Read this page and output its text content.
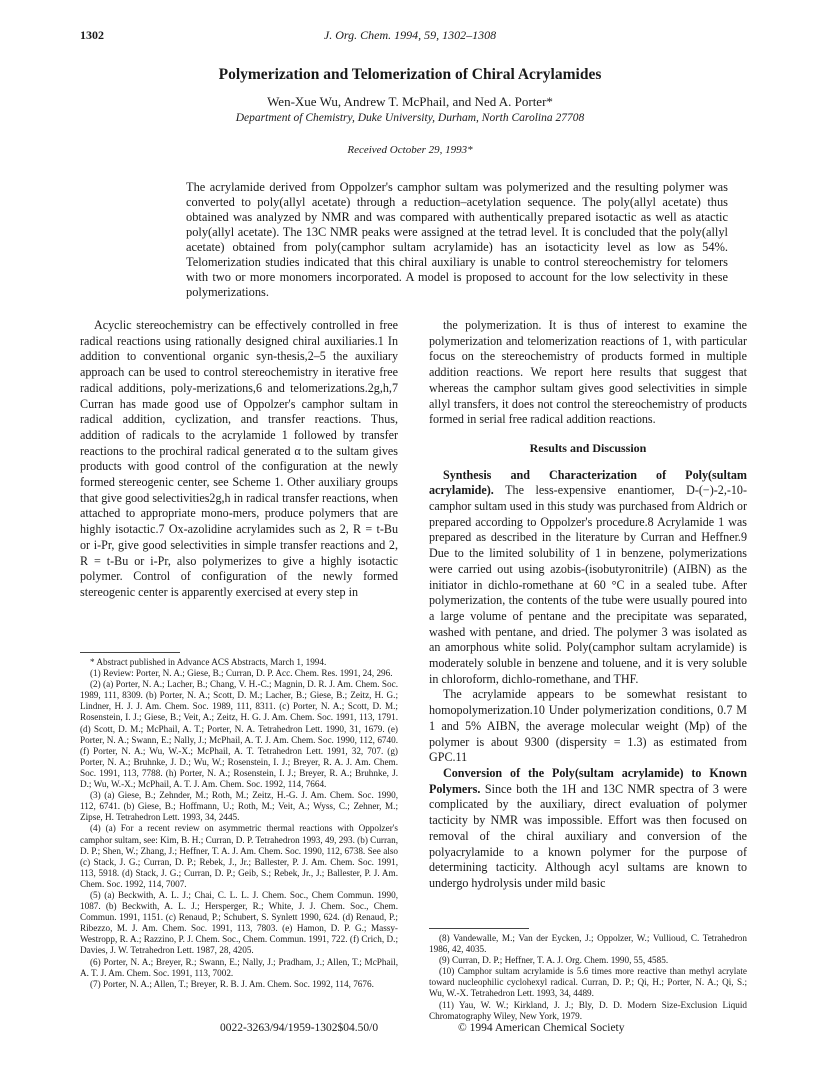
J. Org. Chem. 1994, 59, 1302–1308
1302
Polymerization and Telomerization of Chiral Acrylamides
Wen-Xue Wu, Andrew T. McPhail, and Ned A. Porter*
Department of Chemistry, Duke University, Durham, North Carolina 27708
Received October 29, 1993*
The acrylamide derived from Oppolzer's camphor sultam was polymerized and the resulting polymer was converted to poly(allyl acetate) through a reduction–acetylation sequence. The poly(allyl acetate) thus obtained was analyzed by NMR and was compared with authentically prepared isotactic as well as atactic poly(allyl acetate). The 13C NMR peaks were assigned at the tetrad level. It is concluded that the poly(allyl acetate) obtained from poly(camphor sultam acrylamide) has an isotacticity level as low as 54%. Telomerization studies indicated that this chiral auxiliary is unable to control stereochemistry for telomers with two or more monomers incorporated. A model is proposed to account for the low selectivity in these polymerizations.

Acyclic stereochemistry can be effectively controlled in free radical reactions using rationally designed chiral auxiliaries.1 In addition to conventional organic syn-thesis,2–5 the auxiliary approach can be used to control stereochemistry in iterative free radical additions, poly-merizations,6 and telomerizations.2g,h,7 Curran has made good use of Oppolzer's camphor sultam in radical addition, cyclization, and transfer reactions. Thus, addition of radicals to the acrylamide 1 followed by transfer reactions to the prochiral radical generated α to the sultam gives products with good control of the configuration at the newly formed stereogenic center, see Scheme 1. Other auxiliary groups that give good selectivities2g,h in radical transfer reactions, when attached to appropriate mono-mers, produce polymers that are highly isotactic.7 Ox-azolidine acrylamides such as 2, R = t-Bu or i-Pr, give good selectivities in simple transfer reactions and 2, R = t-Bu or i-Pr, also polymerizes to give a highly isotactic polymer. Control of configuration of the newly formed stereogenic center is apparently exercised at every step in

* Abstract published in Advance ACS Abstracts, March 1, 1994.

(1) Review: Porter, N. A.; Giese, B.; Curran, D. P. Acc. Chem. Res. 1991, 24, 296.

(2) (a) Porter, N. A.; Lacher, B.; Chang, V. H.-C.; Magnin, D. R. J. Am. Chem. Soc. 1989, 111, 8309. (b) Porter, N. A.; Scott, D. M.; Lacher, B.; Giese, B.; Zeitz, H. G.; Lindner, H. J. J. Am. Chem. Soc. 1989, 111, 8311. (c) Porter, N. A.; Scott, D. M.; Rosenstein, I. J.; Giese, B.; Veit, A.; Zeitz, H. G. J. Am. Chem. Soc. 1991, 113, 1791. (d) Scott, D. M.; McPhail, A. T.; Porter, N. A. Tetrahedron Lett. 1990, 31, 1679. (e) Porter, N. A.; Swann, E.; Nally, J.; McPhail, A. T. J. Am. Chem. Soc. 1990, 112, 6740. (f) Porter, N. A.; Wu, W.-X.; McPhail, A. T. Tetrahedron Lett. 1991, 32, 707. (g) Porter, N. A.; Bruhnke, J. D.; Wu, W.; Rosenstein, I. J.; Breyer, R. A. J. Am. Chem. Soc. 1991, 113, 7788. (h) Porter, N. A.; Rosenstein, I. J.; Breyer, R. A.; Bruhnke, J. D.; Wu, W.-X.; McPhail, A. T. J. Am. Chem. Soc. 1992, 114, 7664.

(3) (a) Giese, B.; Zehnder, M.; Roth, M.; Zeitz, H.-G. J. Am. Chem. Soc. 1990, 112, 6741. (b) Giese, B.; Hoffmann, U.; Roth, M.; Veit, A.; Wyss, C.; Zehner, M.; Zipse, H. Tetrahedron Lett. 1993, 34, 2445.

(4) (a) For a recent review on asymmetric thermal reactions with Oppolzer's camphor sultam, see: Kim, B. H.; Curran, D. P. Tetrahedron 1993, 49, 293. (b) Curran, D. P.; Shen, W.; Zhang, J.; Heffner, T. A. J. Am. Chem. Soc. 1990, 112, 6738. See also (c) Stack, J. G.; Curran, D. P.; Rebek, J., Jr.; Ballester, P. J. Am. Chem. Soc. 1991, 113, 5918. (d) Stack, J. G.; Curran, D. P.; Geib, S.; Rebek, Jr., J.; Ballester, P. J. Am. Chem. Soc. 1992, 114, 7007.

(5) (a) Beckwith, A. L. J.; Chai, C. L. L. J. Chem. Soc., Chem Commun. 1990, 1087. (b) Beckwith, A. L. J.; Hersperger, R.; White, J. J. Chem. Soc., Chem. Commun. 1991, 1151. (c) Renaud, P.; Schubert, S. Synlett 1990, 624. (d) Renaud, P.; Ribezzo, M. J. Am. Chem. Soc. 1991, 113, 7803. (e) Hamon, D. P. G.; Massy-Westropp, R. A.; Razzino, P. J. Chem. Soc., Chem. Commun. 1991, 722. (f) Crich, D.; Davies, J. W. Tetrahedron Lett. 1987, 28, 4205.

(6) Porter, N. A.; Breyer, R.; Swann, E.; Nally, J.; Pradham, J.; Allen, T.; McPhail, A. T. J. Am. Chem. Soc. 1991, 113, 7002.

(7) Porter, N. A.; Allen, T.; Breyer, R. B. J. Am. Chem. Soc. 1992, 114, 7676.

the polymerization. It is thus of interest to examine the polymerization and telomerization reactions of 1, with particular focus on the stereochemistry of products formed in multiple addition reactions. We report here results that suggest that whereas the camphor sultam gives good selectivities in simple allyl transfers, it does not control the stereochemistry of products formed in serial free radical addition reactions.

Results and Discussion

Synthesis and Characterization of Poly(sultam acrylamide). The less-expensive enantiomer, D-(−)-2,-10-camphor sultam used in this study was purchased from Aldrich or prepared according to Oppolzer's procedure.8 Acrylamide 1 was prepared as described in the literature by Curran and Heffner.9 Due to the limited solubility of 1 in benzene, polymerizations were carried out using azobis-(isobutyronitrile) (AIBN) as the initiator in dichlo-romethane at 60 °C in a sealed tube. After polymerization, the contents of the tube were usually poured into a large volume of pentane and the precipitate was separated, washed with pentane, and dried. The polymer 3 was isolated as an amorphous white solid. Poly(camphor sultam acrylamide) is moderately soluble in benzene and toluene, and it is very soluble in chloroform, dichlo-romethane, and THF.

The acrylamide appears to be somewhat resistant to homopolymerization.10 Under polymerization conditions, 0.7 M 1 and 5% AIBN, the average molecular weight (Mp) of the polymer is about 9300 (dispersity = 1.3) as estimated from GPC.11

Conversion of the Poly(sultam acrylamide) to Known Polymers. Since both the 1H and 13C NMR spectra of 3 were complicated by the auxiliary, direct evaluation of polymer tacticity by NMR was impossible. Effort was then focused on removal of the chiral auxiliary and conversion of the polyacrylamide to a known polymer for the purpose of determining tacticity. Although acyl sultams are known to undergo hydrolysis under mild basic

(8) Vandewalle, M.; Van der Eycken, J.; Oppolzer, W.; Vullioud, C. Tetrahedron 1986, 42, 4035.

(9) Curran, D. P.; Heffner, T. A. J. Org. Chem. 1990, 55, 4585.

(10) Camphor sultam acrylamide is 5.6 times more reactive than methyl acrylate toward nucleophilic cyclohexyl radical. Curran, D. P.; Qi, H.; Porter, N. A.; Qi, S.; Wu, W.-X. Tetrahedron Lett. 1993, 34, 4489.

(11) Yau, W. W.; Kirkland, J. J.; Bly, D. D. Modern Size-Exclusion Liquid Chromatography Wiley, New York, 1979.

0022-3263/94/1959-1302$04.50/0	© 1994 American Chemical Society
